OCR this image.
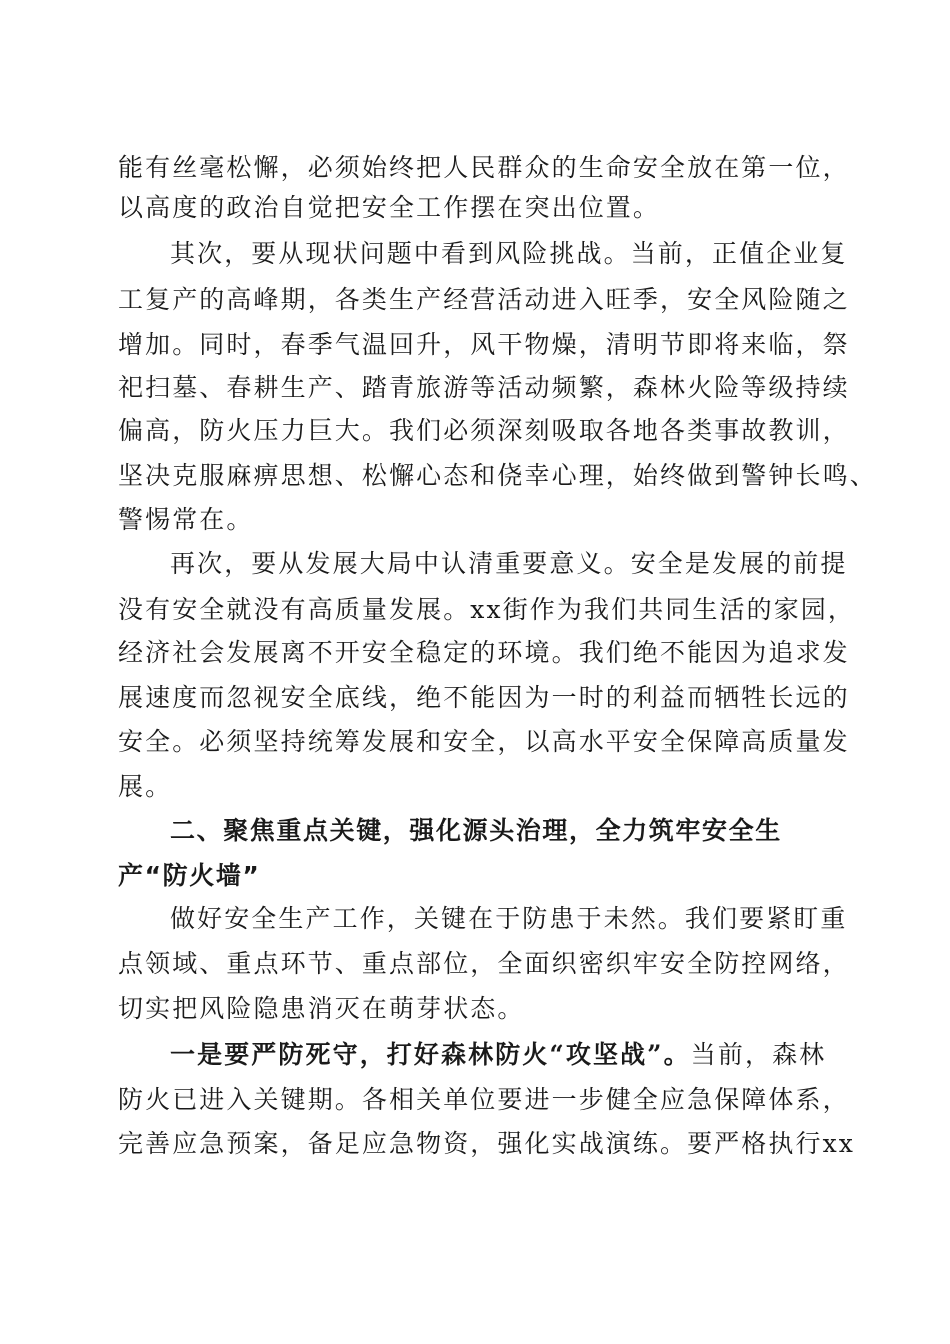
能有丝毫松懈，必须始终把人民群众的生命安全放在第一位，
以高度的政治自觉把安全工作摆在突出位置。
其次，要从现状问题中看到风险挑战。当前，正值企业复
工复产的高峰期，各类生产经营活动进入旺季，安全风险随之
增加。同时，春季气温回升，风干物燥，清明节即将来临，祭
祀扫墓、春耕生产、踏青旅游等活动频繁，森林火险等级持续
偏高，防火压力巨大。我们必须深刻吸取各地各类事故教训，
坚决克服麻痹思想、松懈心态和侥幸心理，始终做到警钟长鸣、
警惕常在。
再次，要从发展大局中认清重要意义。安全是发展的前提
没有安全就没有高质量发展。xx街作为我们共同生活的家园，
经济社会发展离不开安全稳定的环境。我们绝不能因为追求发
展速度而忽视安全底线，绝不能因为一时的利益而牺牲长远的
安全。必须坚持统筹发展和安全，以高水平安全保障高质量发
展。
二、聚焦重点关键，强化源头治理，全力筑牢安全生
产“防火墙”
做好安全生产工作，关键在于防患于未然。我们要紧盯重
点领域、重点环节、重点部位，全面织密织牢安全防控网络，
切实把风险隐患消灭在萌芽状态。
一是要严防死守，打好森林防火“攻坚战”。当前，森林
防火已进入关键期。各相关单位要进一步健全应急保障体系，
完善应急预案，备足应急物资，强化实战演练。要严格执行xx
